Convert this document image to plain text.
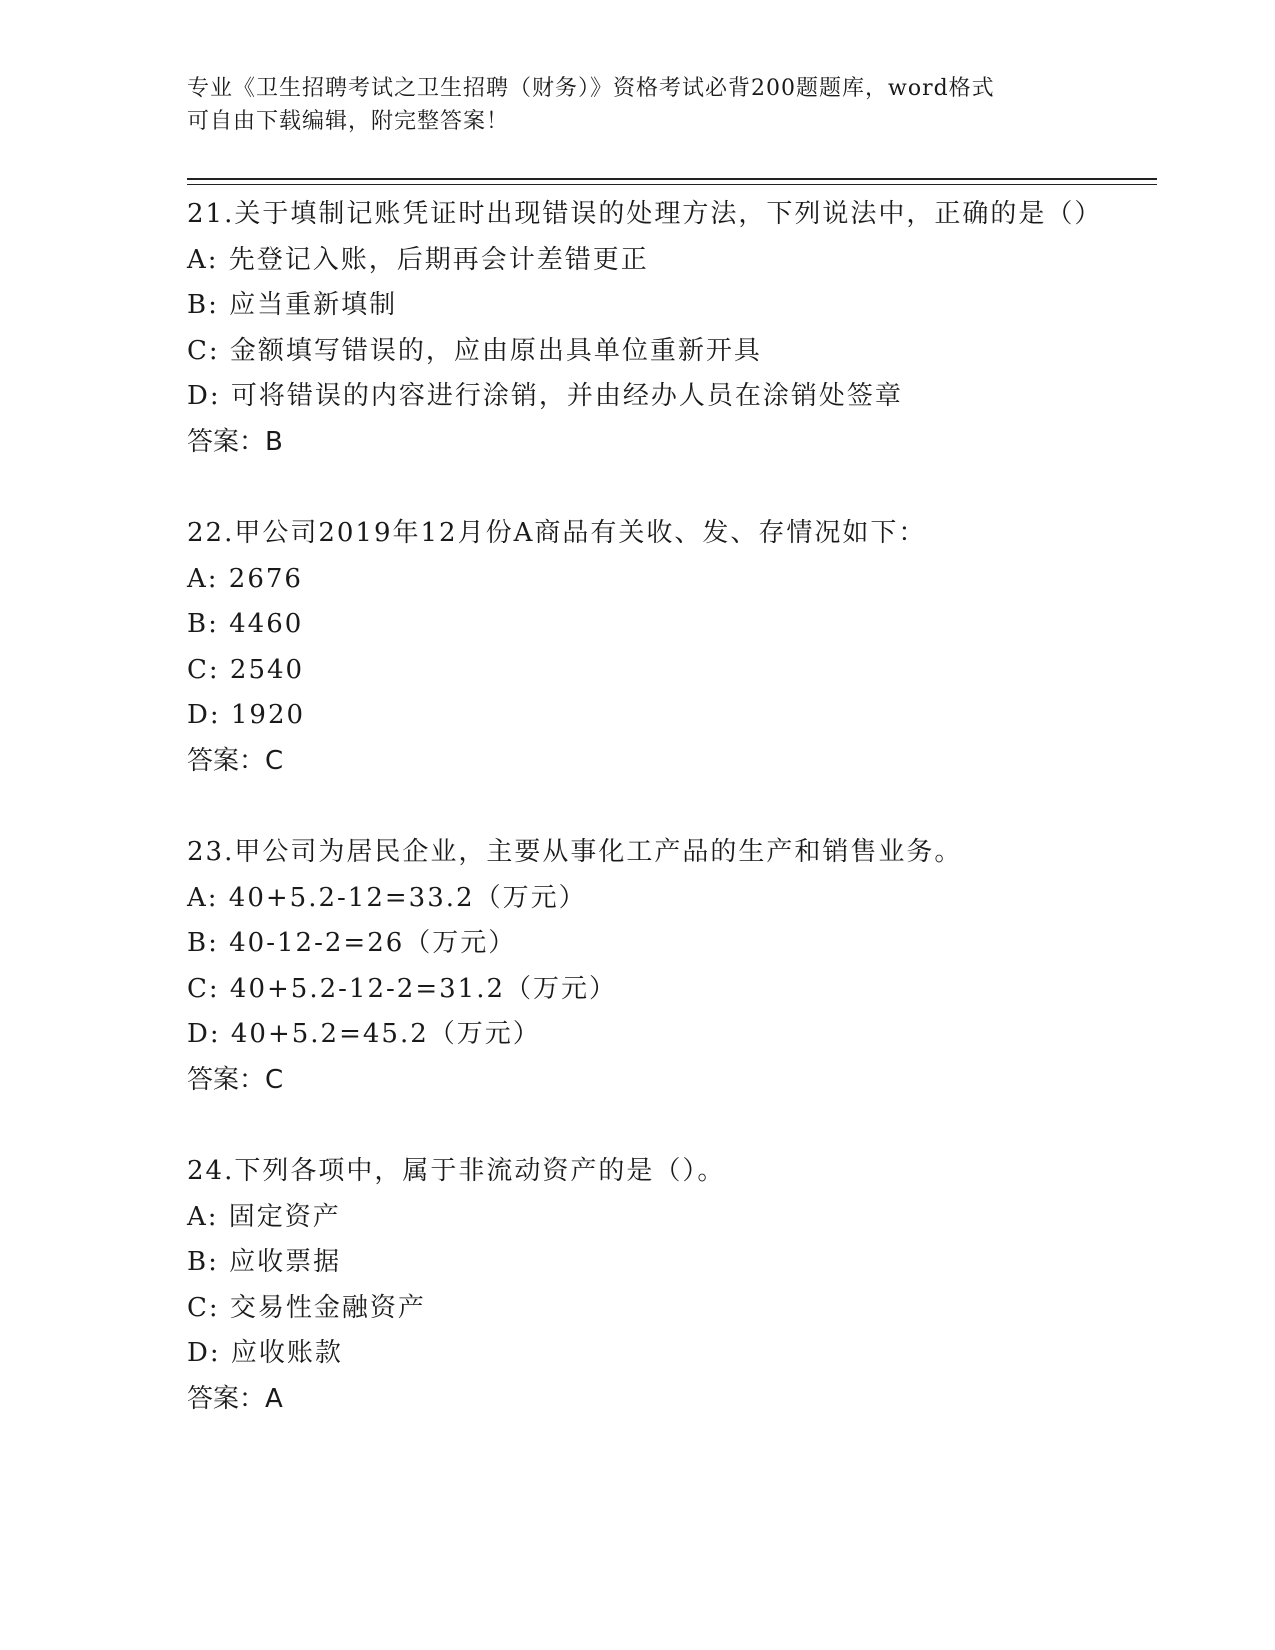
专业《卫生招聘考试之卫生招聘（财务）》资格考试必背200题题库，word格式
可自由下载编辑，附完整答案！
21.关于填制记账凭证时出现错误的处理方法，下列说法中，正确的是（）
A: 先登记入账，后期再会计差错更正
B: 应当重新填制
C: 金额填写错误的，应由原出具单位重新开具
D: 可将错误的内容进行涂销，并由经办人员在涂销处签章
答案：B
22.甲公司2019年12月份A商品有关收、发、存情况如下：
A: 2676
B: 4460
C: 2540
D: 1920
答案：C
23.甲公司为居民企业，主要从事化工产品的生产和销售业务。
A: 40+5.2-12=33.2（万元）
B: 40-12-2=26（万元）
C: 40+5.2-12-2=31.2（万元）
D: 40+5.2=45.2（万元）
答案：C
24.下列各项中，属于非流动资产的是（）。
A: 固定资产
B: 应收票据
C: 交易性金融资产
D: 应收账款
答案：A
